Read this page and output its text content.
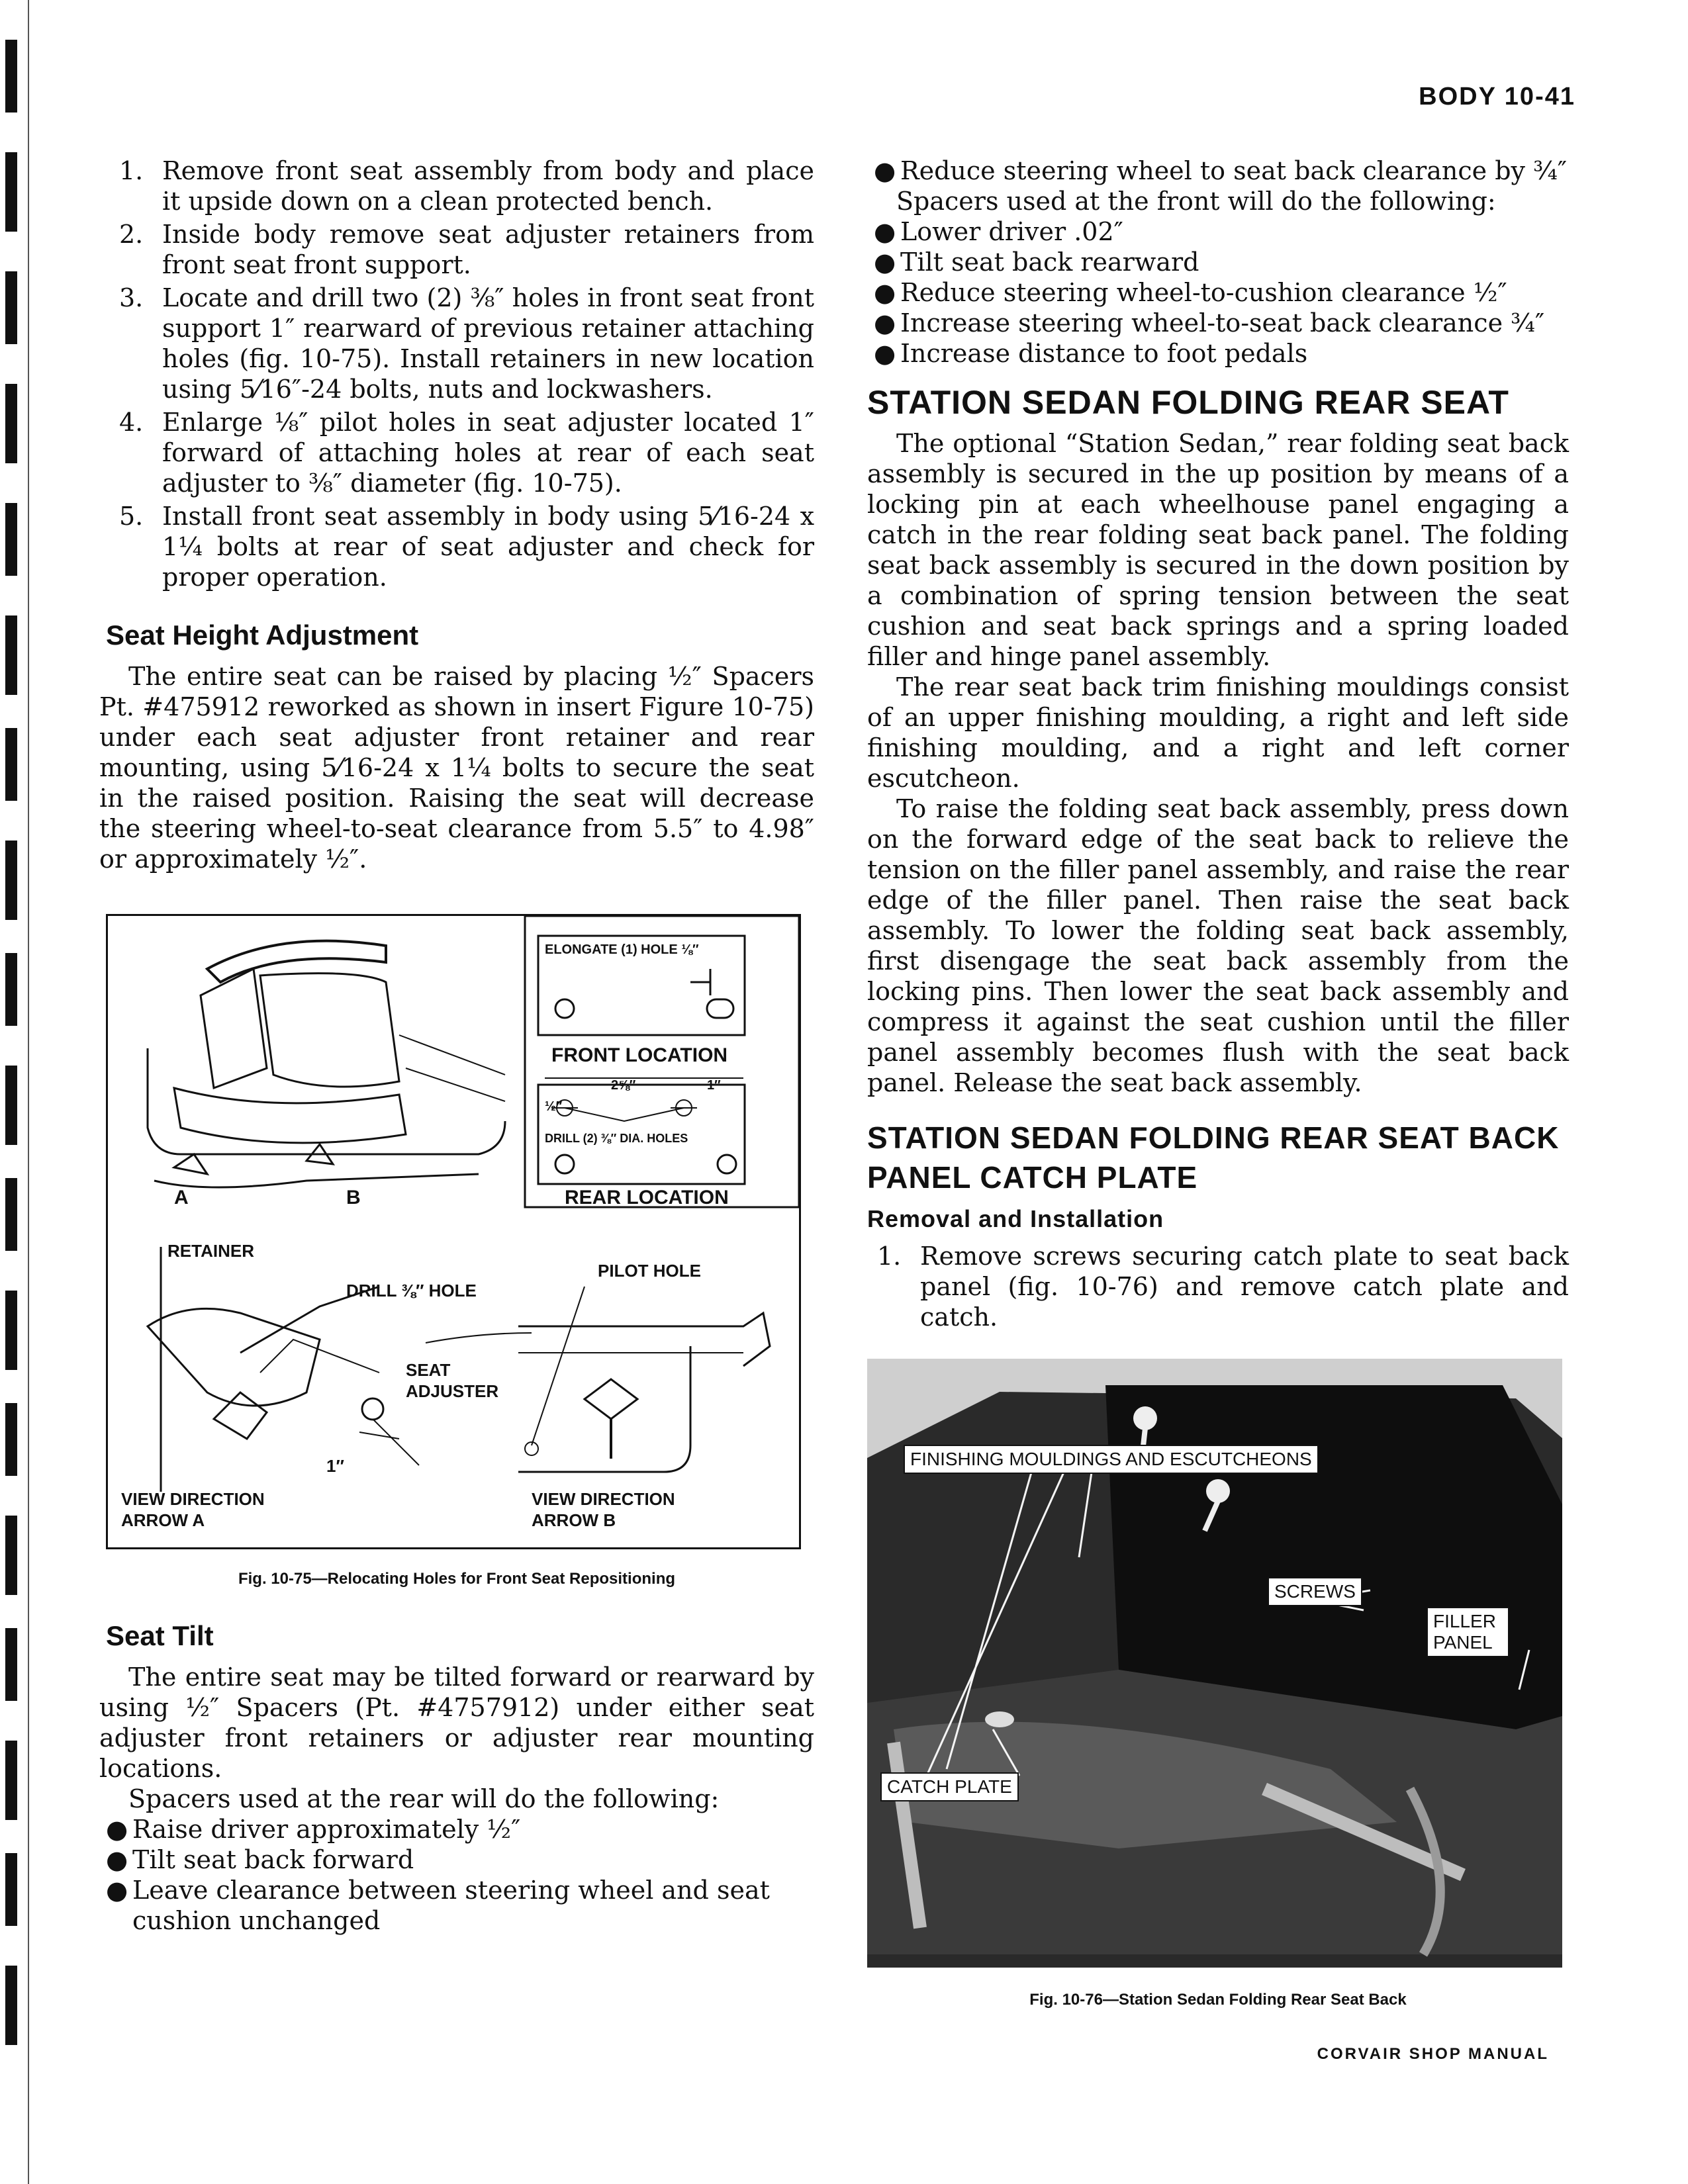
BODY 10-41
1. Remove front seat assembly from body and place it upside down on a clean protected bench.
2. Inside body remove seat adjuster retainers from front seat front support.
3. Locate and drill two (2) ⅜″ holes in front seat front support 1″ rearward of previous retainer attaching holes (fig. 10-75). Install retainers in new location using 5⁄16″-24 bolts, nuts and lockwashers.
4. Enlarge ⅛″ pilot holes in seat adjuster located 1″ forward of attaching holes at rear of each seat adjuster to ⅜″ diameter (fig. 10-75).
5. Install front seat assembly in body using 5⁄16-24 x 1¼ bolts at rear of seat adjuster and check for proper operation.
Seat Height Adjustment

The entire seat can be raised by placing ½″ Spacers Pt. #475912 reworked as shown in insert Figure 10-75) under each seat adjuster front retainer and rear mounting, using 5⁄16-24 x 1¼ bolts to secure the seat in the raised position. Raising the seat will decrease the steering wheel-to-seat clearance from 5.5″ to 4.98″ or approximately ½″.

ELONGATE (1) HOLE ⅛″
FRONT LOCATION
2⅝″	1″
½″
DRILL (2) ⅜″ DIA. HOLES
REAR LOCATION
A	B
RETAINER
DRILL ⅜″ HOLE
PILOT HOLE
SEAT ADJUSTER
1″
VIEW DIRECTION ARROW A
VIEW DIRECTION ARROW B
Fig. 10-75—Relocating Holes for Front Seat Repositioning
Seat Tilt

The entire seat may be tilted forward or rearward by using ½″ Spacers (Pt. #4757912) under either seat adjuster front retainers or adjuster rear mounting locations.

Spacers used at the rear will do the following:

● Raise driver approximately ½″
● Tilt seat back forward
● Leave clearance between steering wheel and seat cushion unchanged
● Reduce steering wheel to seat back clearance by ¾″

Spacers used at the front will do the following:

● Lower driver .02″
● Tilt seat back rearward
● Reduce steering wheel-to-cushion clearance ½″
● Increase steering wheel-to-seat back clearance ¾″
● Increase distance to foot pedals
STATION SEDAN FOLDING REAR SEAT

The optional “Station Sedan,” rear folding seat back assembly is secured in the up position by means of a locking pin at each wheelhouse panel engaging a catch in the rear folding seat back panel. The folding seat back assembly is secured in the down position by a combination of spring tension between the seat cushion and seat back springs and a spring loaded filler and hinge panel assembly.

The rear seat back trim finishing mouldings consist of an upper finishing moulding, a right and left side finishing moulding, and a right and left corner escutcheon.

To raise the folding seat back assembly, press down on the forward edge of the seat back to relieve the tension on the filler panel assembly, and raise the rear edge of the filler panel. Then raise the seat back assembly. To lower the folding seat back assembly, first disengage the seat back assembly from the locking pins. Then lower the seat back assembly and compress it against the seat cushion until the filler panel assembly becomes flush with the seat back panel. Release the seat back assembly.

STATION SEDAN FOLDING REAR SEAT BACK PANEL CATCH PLATE
Removal and Installation
1. Remove screws securing catch plate to seat back panel (fig. 10-76) and remove catch plate and catch.
FINISHING MOULDINGS AND ESCUTCHEONS
SCREWS
FILLER PANEL
CATCH PLATE
Fig. 10-76—Station Sedan Folding Rear Seat Back
CORVAIR SHOP MANUAL
